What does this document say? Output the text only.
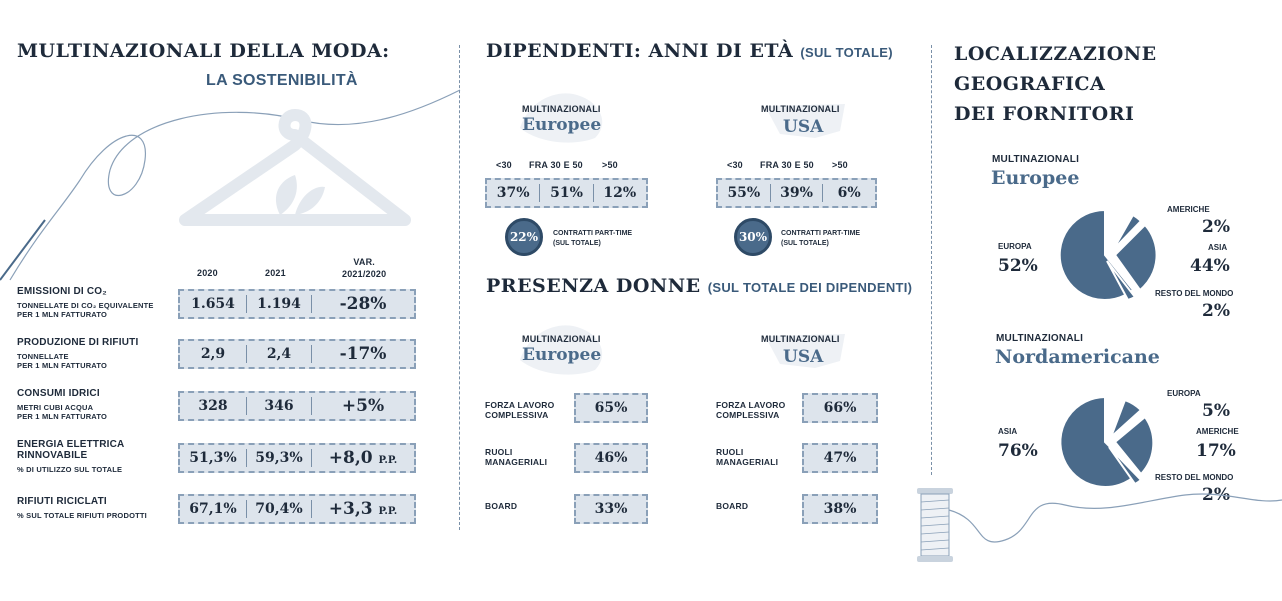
MULTINAZIONALI DELLA MODA:
LA SOSTENIBILITÀ
2020	2021
VAR.
2021/2020
EMISSIONI DI CO₂
TONNELLATE DI CO₂ EQUIVALENTE
PER 1 MLN FATTURATO
1.654	1.194	-28%
PRODUZIONE DI RIFIUTI
TONNELLATE
PER 1 MLN FATTURATO
2,9	2,4	-17%
CONSUMI IDRICI
METRI CUBI ACQUA
PER 1 MLN FATTURATO
328	346	+5%
ENERGIA ELETTRICA
RINNOVABILE
% DI UTILIZZO SUL TOTALE
51,3%	59,3%	+8,0 P.P.
RIFIUTI RICICLATI
% SUL TOTALE RIFIUTI PRODOTTI	67,1%	70,4%	+3,3 P.P.
DIPENDENTI: ANNI DI ETÀ (SUL TOTALE)
MULTINAZIONALI
Europee
MULTINAZIONALI
USA
<30 FRA 30 E 50 >50
37%	51%	12%
<30 FRA 30 E 50 >50
55%	39%	6%
22%	CONTRATTI PART-TIME
(SUL TOTALE)	30%	CONTRATTI PART-TIME
(SUL TOTALE)
PRESENZA DONNE (SUL TOTALE DEI DIPENDENTI)
MULTINAZIONALI
Europee
MULTINAZIONALI
USA
FORZA LAVORO
COMPLESSIVA	65%
RUOLI
MANAGERIALI	46%
BOARD	33%
FORZA LAVORO
COMPLESSIVA	66%
RUOLI
MANAGERIALI	47%
BOARD	38%
LOCALIZZAZIONE
GEOGRAFICA
DEI FORNITORI
MULTINAZIONALI
Europee
EUROPA
52%
AMERICHE
2%
ASIA
44%
RESTO DEL MONDO
2%
MULTINAZIONALI
Nordamericane
ASIA
76%
EUROPA
5%
AMERICHE
17%
RESTO DEL MONDO
2%
